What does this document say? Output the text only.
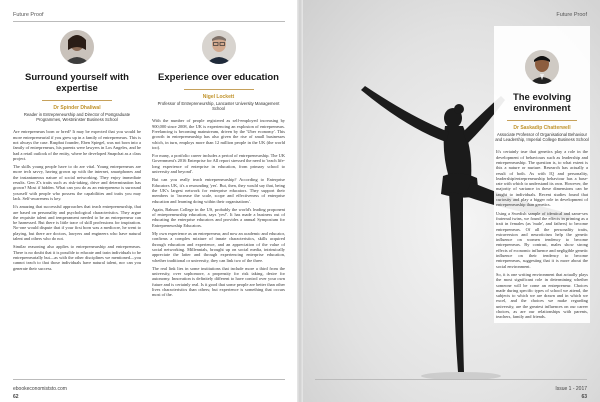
Future Proof
Surround yourself with expertise
Dr Spinder Dhaliwal
Reader in Entrepreneurship and Director of Postgraduate Programmes, Westminster Business School

Are entrepreneurs born or bred? It may be expected that you would be more entrepreneurial if you grew up in a family of entrepreneurs. This is not always the case. Raspbat founder, Eben Spiegel, was not born into a family of entrepreneurs, his parents were lawyers in Los Angeles, and he had a retail outlook of the entity, where he developed Snapchat as a class project.

The skills young people have to do are vital. Young entrepreneurs are more tech savvy, having grown up with the internet, smartphones and the instantaneous nature of social networking. They enjoy immediate results. Gen Z's traits such as risk-taking, drive and determination has grown? Most if hidden. What can you do as an entrepreneur is surround yourself with people who possess the capabilities and traits you may lack. Self-awareness is key.

It's amazing that successful approaches that teach entrepreneurship, that are based on personality and psychological characteristics. They argue the requisite talent and temperament needed to be an entrepreneur can be harnessed. But there is little trace of skill professions for inspiration. No-one would dispute that if your first born was a mediocre, he went to playing, but there are doctors, lawyers and engineers who have natural talent and others who do not.

Similar reasoning also applies to entrepreneurship and entrepreneurs. There is no doubt that it is possible to educate and train individuals to be entrepreneurially but—as with the other disciplines we mentioned—you cannot teach to that those individuals have natural talent, nor can you generate their success.

Experience over education
Nigel Lockett
Professor of Entrepreneurship, Lancaster University Management School

With the number of people registered as self-employed increasing by 900,000 since 2008, the UK is experiencing an explosion of entrepreneurs. Freelancing is becoming mainstream, driven by the 'Uber economy'. This growth in entrepreneurship has also given the rise of small businesses which, in turn, employs more than 12 million people in the UK (the world too).

For many, a portfolio career includes a period of entrepreneurship. The UK Government's 2016 Enterprise for All report stressed the need to 'teach life-long experience of enterprise in education, from primary school to university and beyond'.

But can you really teach entrepreneurship? According to Enterprise Educators UK, it's a resounding 'yes'. But, then, they would say that, being the UK's largest network for enterprise educators. They support their members to 'increase the scale, scope and effectiveness of enterprise education and learning doing within their organisations'.

Again, Babson College in the US, probably the world's leading proponent of entrepreneurship education, says 'yes!'. It has made a business out of educating the enterprise educators and provides a annual Symposium for Entrepreneurship Educators.

My own experience as an entrepreneur, and now an academic and educator, confirms a complex mixture of innate characteristics, skills acquired through education and experience, and an appreciation of the value of social networking. Millennials, brought up on social media, intrinsically appreciate the latter and through experiencing enterprise education, whether traditional or university, they can link two of the three.

The real link lies in some institutions that include more a third from the university, over sophomore, a propensity for risk taking, desire for autonomy. Innovation is definitely different to have control over your own future and is certainly real. Is it good that some people are better than other lives characteristics than others; but experience is something that occurs most of the.

ebookeconomiststo.com
62
Future Proof
The evolving environment
Dr Saskadip Chatterwell
Associate Professor of Organisational Behaviour and Leadership, Imperial College Business School

It's certainly true that genetics play a role in the development of behaviours such as leadership and entrepreneurship. The question is, to what extent is this a nature or nurture. Research has actually a result of both. As with IQ and personality, leadership/entrepreneurship behaviour has a base-rate with which to understand its own. However, the majority of variance in these dimensions can be taught to individuals. Recent studies found that curiosity and play a bigger role in development of entrepreneurship than genetics.

Using a Swedish sample of identical and same-sex fraternal twins, we found the effects in priming as a trait in females (as 'male', and fathers) to become entrepreneurs. Of all the personality traits, extraversion and neuroticism help the genetic influence on women tendency to become entrepreneurs. By contrast, males show strong effects of economic influence and negligible genetic influence on their tendency to become entrepreneurs, suggesting that it is more about the social environment.

So, it is one writing environment that actually plays the most significant role in determining whether someone will be come an entrepreneur. Choices made during specific types of school we attend, the subjects to which we are drawn and in which we excel, and the choices we make regarding university, are the greatest influences on our career choices, as are our relationships with parents, teachers, family and friends.

Issue 1 - 2017
63
